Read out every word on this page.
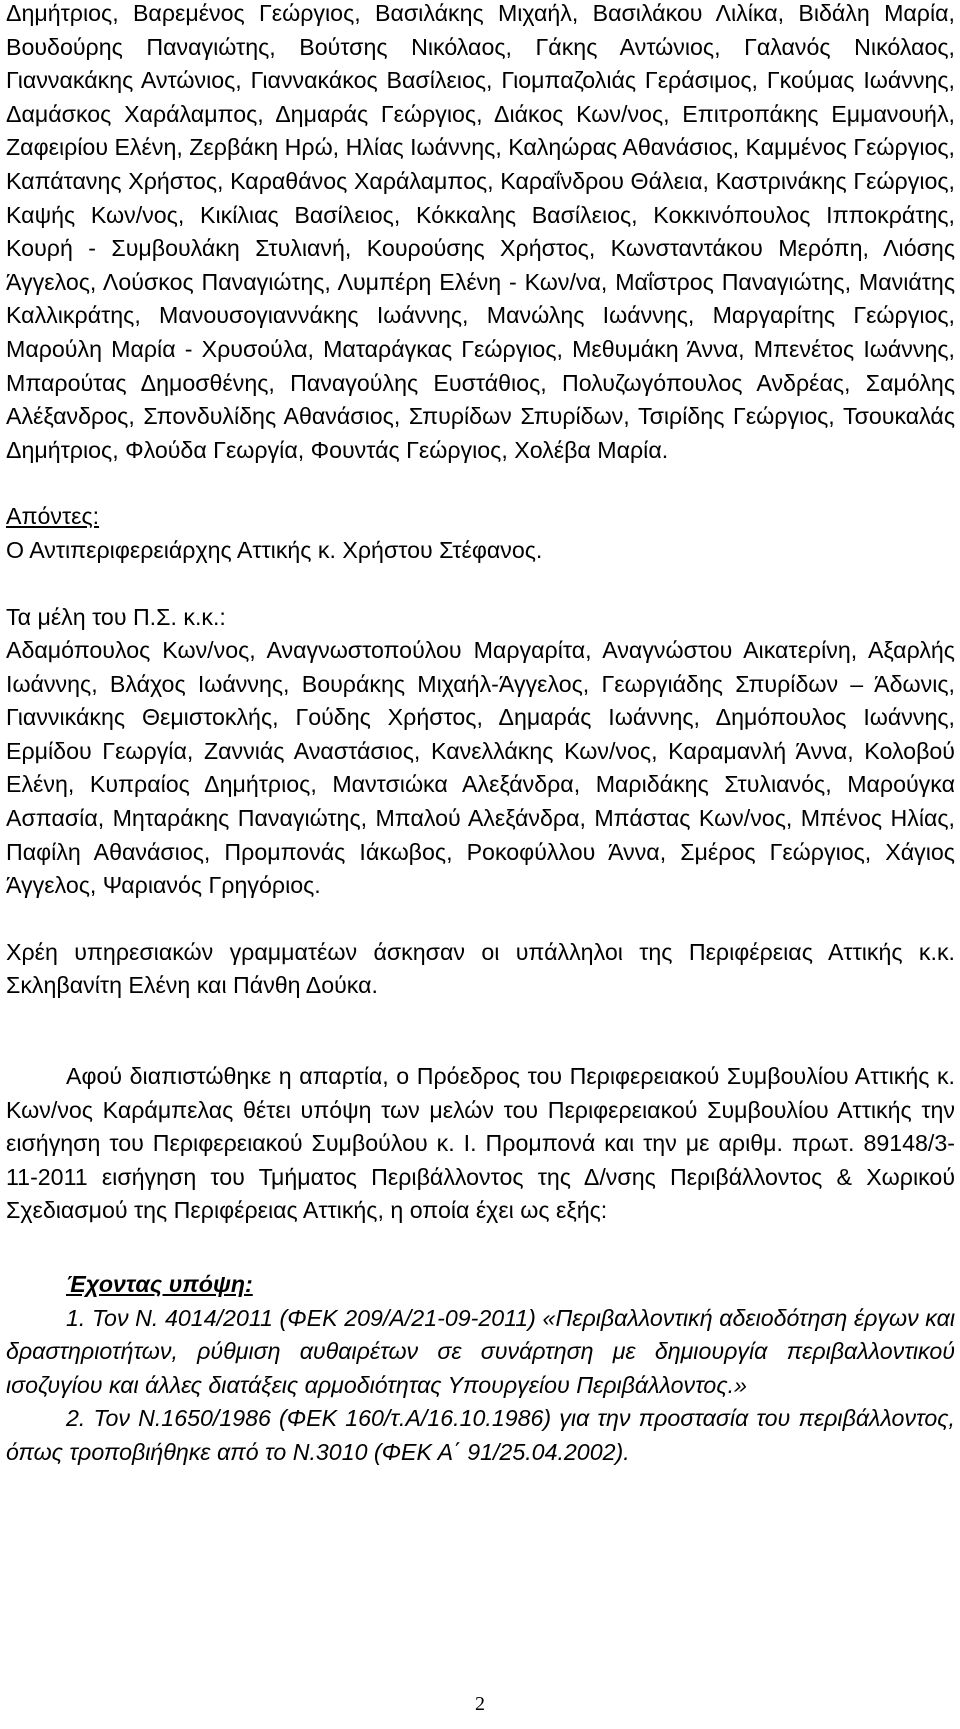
Δημήτριος, Βαρεμένος Γεώργιος, Βασιλάκης Μιχαήλ, Βασιλάκου Λιλίκα, Βιδάλη Μαρία, Βουδούρης Παναγιώτης, Βούτσης Νικόλαος, Γάκης Αντώνιος, Γαλανός Νικόλαος, Γιαννακάκης Αντώνιος, Γιαννακάκος Βασίλειος, Γιομπαζολιάς Γεράσιμος, Γκούμας Ιωάννης, Δαμάσκος Χαράλαμπος, Δημαράς Γεώργιος, Διάκος Κων/νος, Επιτροπάκης Εμμανουήλ, Ζαφειρίου Ελένη, Ζερβάκη Ηρώ, Ηλίας Ιωάννης, Καληώρας Αθανάσιος, Καμμένος Γεώργιος, Καπάτανης Χρήστος, Καραθάνος Χαράλαμπος, Καραΐνδρου Θάλεια, Καστρινάκης Γεώργιος, Καψής Κων/νος, Κικίλιας Βασίλειος, Κόκκαλης Βασίλειος, Κοκκινόπουλος Ιπποκράτης, Κουρή - Συμβουλάκη Στυλιανή, Κουρούσης Χρήστος, Κωνσταντάκου Μερόπη, Λιόσης Άγγελος, Λούσκος Παναγιώτης, Λυμπέρη Ελένη - Κων/να, Μαΐστρος Παναγιώτης, Μανιάτης Καλλικράτης, Μανουσογιαννάκης Ιωάννης, Μανώλης Ιωάννης, Μαργαρίτης Γεώργιος, Μαρούλη Μαρία - Χρυσούλα, Ματαράγκας Γεώργιος, Μεθυμάκη Άννα, Μπενέτος Ιωάννης, Μπαρούτας Δημοσθένης, Παναγούλης Ευστάθιος, Πολυζωγόπουλος Ανδρέας, Σαμόλης Αλέξανδρος, Σπονδυλίδης Αθανάσιος, Σπυρίδων Σπυρίδων, Τσιρίδης Γεώργιος, Τσουκαλάς Δημήτριος, Φλούδα Γεωργία, Φουντάς Γεώργιος, Χολέβα Μαρία.

Απόντες:

Ο Αντιπεριφερειάρχης Αττικής κ. Χρήστου Στέφανος.

Τα μέλη του Π.Σ. κ.κ.:

Αδαμόπουλος Κων/νος, Αναγνωστοπούλου Μαργαρίτα, Αναγνώστου Αικατερίνη, Αξαρλής Ιωάννης, Βλάχος Ιωάννης, Βουράκης Μιχαήλ-Άγγελος, Γεωργιάδης Σπυρίδων – Άδωνις, Γιαννικάκης Θεμιστοκλής, Γούδης Χρήστος, Δημαράς Ιωάννης, Δημόπουλος Ιωάννης, Ερμίδου Γεωργία, Ζαννιάς Αναστάσιος, Κανελλάκης Κων/νος, Καραμανλή Άννα, Κολοβού Ελένη, Κυπραίος Δημήτριος, Μαντσιώκα Αλεξάνδρα, Μαριδάκης Στυλιανός, Μαρούγκα Ασπασία, Μηταράκης Παναγιώτης, Μπαλού Αλεξάνδρα, Μπάστας Κων/νος, Μπένος Ηλίας, Παφίλη Αθανάσιος, Προμπονάς Ιάκωβος, Ροκοφύλλου Άννα, Σμέρος Γεώργιος, Χάγιος Άγγελος, Ψαριανός Γρηγόριος.

Χρέη υπηρεσιακών γραμματέων άσκησαν οι υπάλληλοι της Περιφέρειας Αττικής κ.κ. Σκληβανίτη Ελένη και Πάνθη Δούκα.

Αφού διαπιστώθηκε η απαρτία, ο Πρόεδρος του Περιφερειακού Συμβουλίου Αττικής κ. Κων/νος Καράμπελας θέτει υπόψη των μελών του Περιφερειακού Συμβουλίου Αττικής την εισήγηση του Περιφερειακού Συμβούλου κ. Ι. Προμπονά και την με αριθμ. πρωτ. 89148/3-11-2011 εισήγηση του Τμήματος Περιβάλλοντος της Δ/νσης Περιβάλλοντος & Χωρικού Σχεδιασμού της Περιφέρειας Αττικής, η οποία έχει ως εξής:

Έχοντας υπόψη:

1. Τον Ν. 4014/2011 (ΦΕΚ 209/Α/21-09-2011) «Περιβαλλοντική αδειοδότηση έργων και δραστηριοτήτων, ρύθμιση αυθαιρέτων σε συνάρτηση με δημιουργία περιβαλλοντικού ισοζυγίου και άλλες διατάξεις αρμοδιότητας Υπουργείου Περιβάλλοντος.»

2. Τον Ν.1650/1986 (ΦΕΚ 160/τ.Α/16.10.1986) για την προστασία του περιβάλλοντος, όπως τροποβιήθηκε από το Ν.3010 (ΦΕΚ Α΄ 91/25.04.2002).

2
